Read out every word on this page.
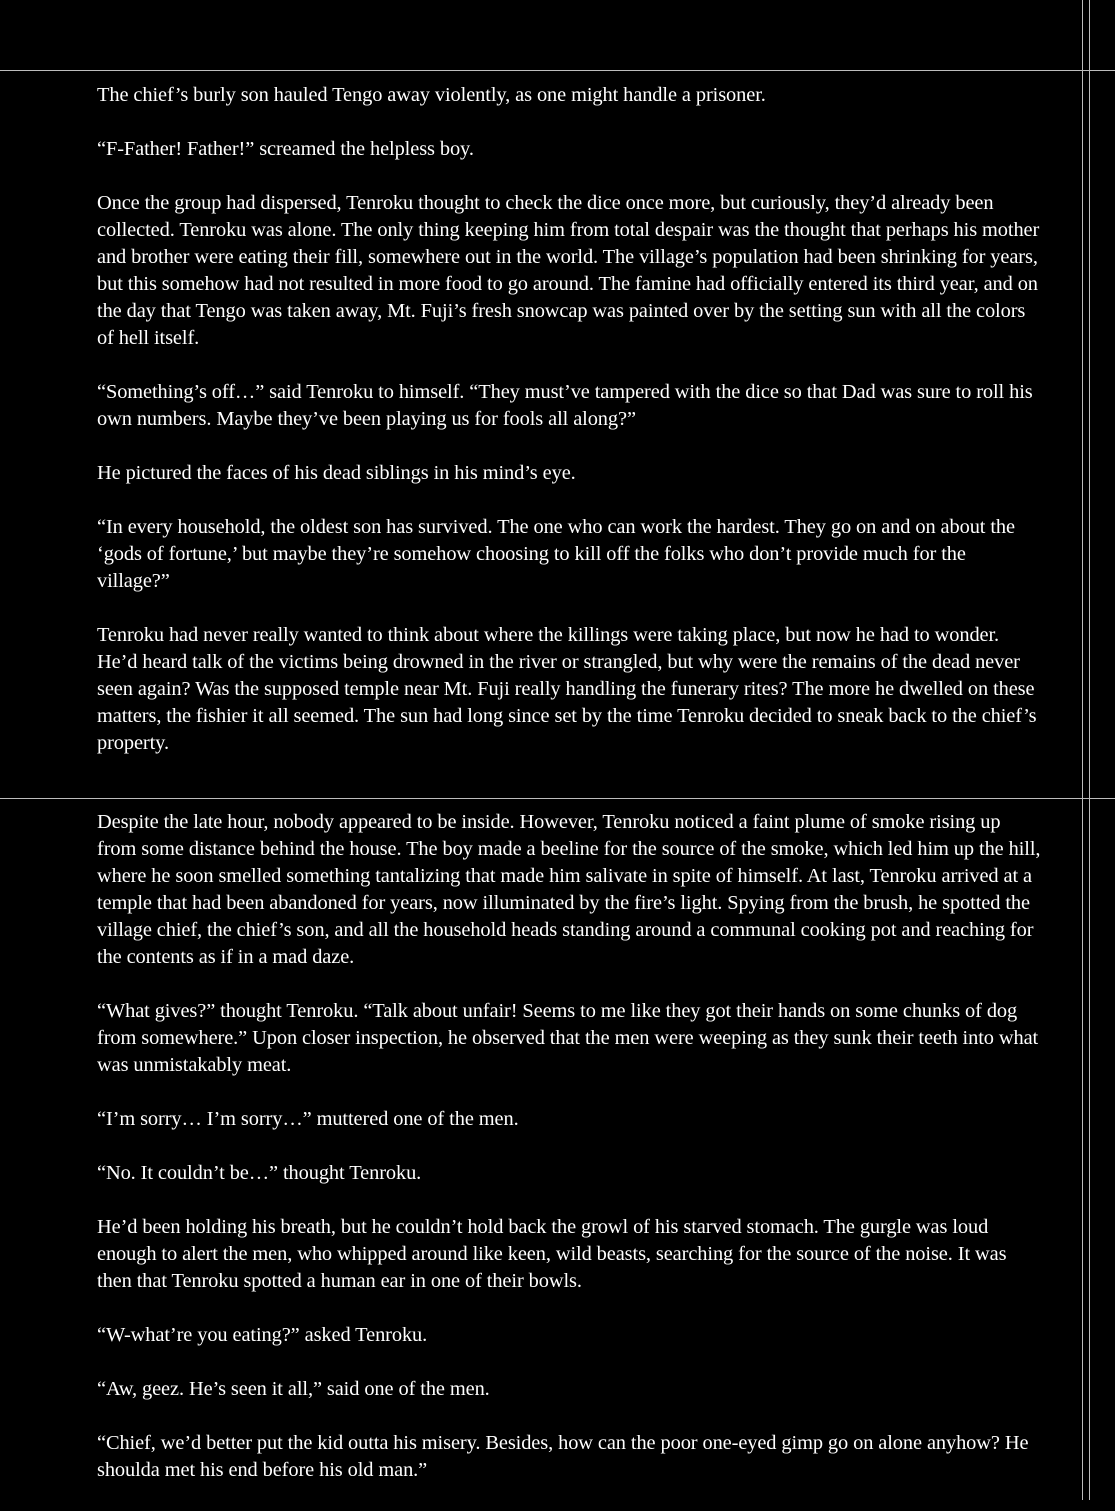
The chief’s burly son hauled Tengo away violently, as one might handle a prisoner.

“F-Father! Father!” screamed the helpless boy.

Once the group had dispersed, Tenroku thought to check the dice once more, but curiously, they’d already been collected. Tenroku was alone. The only thing keeping him from total despair was the thought that perhaps his mother and brother were eating their fill, somewhere out in the world. The village’s population had been shrinking for years, but this somehow had not resulted in more food to go around. The famine had officially entered its third year, and on the day that Tengo was taken away, Mt. Fuji’s fresh snowcap was painted over by the setting sun with all the colors of hell itself.

“Something’s off…” said Tenroku to himself. “They must’ve tampered with the dice so that Dad was sure to roll his own numbers. Maybe they’ve been playing us for fools all along?”

He pictured the faces of his dead siblings in his mind’s eye.

“In every household, the oldest son has survived. The one who can work the hardest. They go on and on about the ‘gods of fortune,’ but maybe they’re somehow choosing to kill off the folks who don’t provide much for the village?”

Tenroku had never really wanted to think about where the killings were taking place, but now he had to wonder. He’d heard talk of the victims being drowned in the river or strangled, but why were the remains of the dead never seen again? Was the supposed temple near Mt. Fuji really handling the funerary rites? The more he dwelled on these matters, the fishier it all seemed. The sun had long since set by the time Tenroku decided to sneak back to the chief’s property.

Despite the late hour, nobody appeared to be inside. However, Tenroku noticed a faint plume of smoke rising up from some distance behind the house. The boy made a beeline for the source of the smoke, which led him up the hill, where he soon smelled something tantalizing that made him salivate in spite of himself. At last, Tenroku arrived at a temple that had been abandoned for years, now illuminated by the fire’s light. Spying from the brush, he spotted the village chief, the chief’s son, and all the household heads standing around a communal cooking pot and reaching for the contents as if in a mad daze.

“What gives?” thought Tenroku. “Talk about unfair! Seems to me like they got their hands on some chunks of dog from somewhere.” Upon closer inspection, he observed that the men were weeping as they sunk their teeth into what was unmistakably meat.

“I’m sorry… I’m sorry…” muttered one of the men.

“No. It couldn’t be…” thought Tenroku.

He’d been holding his breath, but he couldn’t hold back the growl of his starved stomach. The gurgle was loud enough to alert the men, who whipped around like keen, wild beasts, searching for the source of the noise. It was then that Tenroku spotted a human ear in one of their bowls.

“W-what’re you eating?” asked Tenroku.

“Aw, geez. He’s seen it all,” said one of the men.

“Chief, we’d better put the kid outta his misery. Besides, how can the poor one-eyed gimp go on alone anyhow? He shoulda met his end before his old man.”
